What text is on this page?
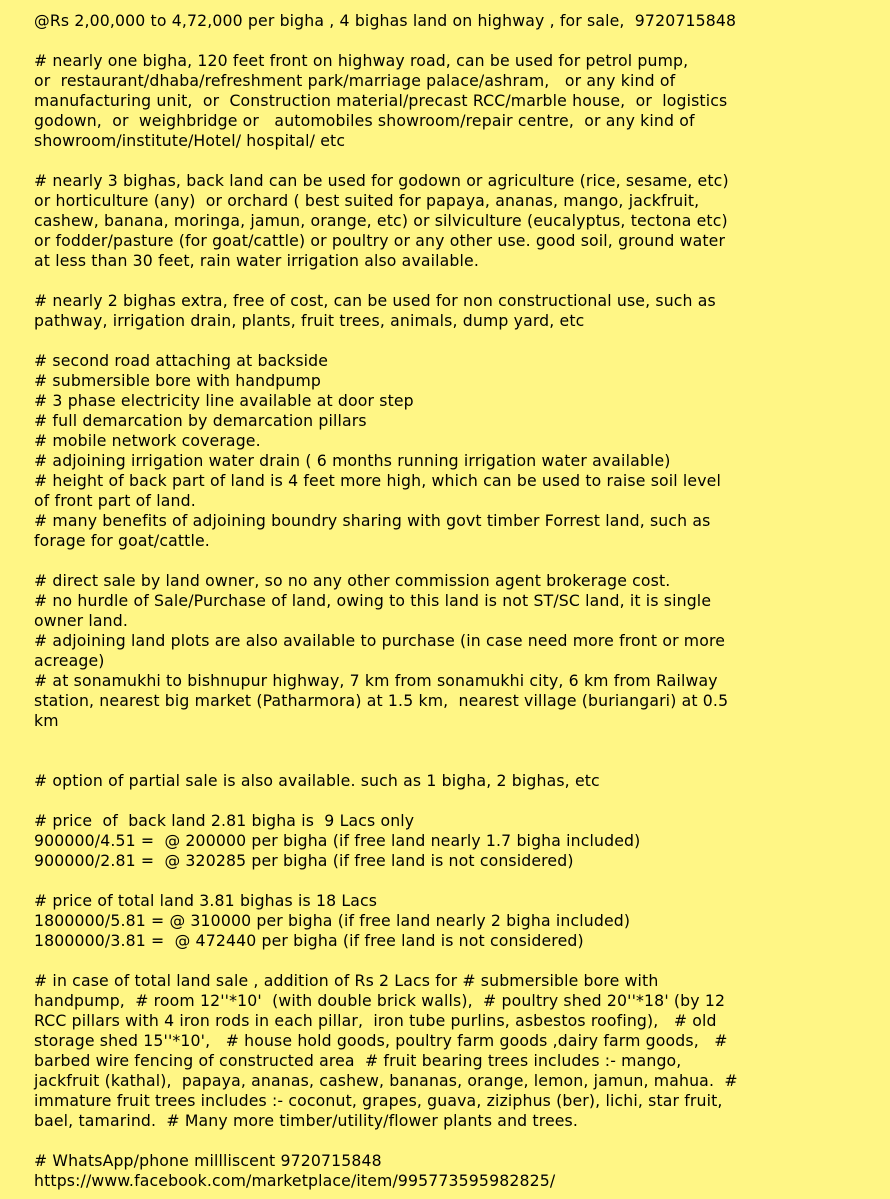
@Rs 2,00,000 to 4,72,000 per bigha , 4 bighas land on highway , for sale,  9720715848
# nearly one bigha, 120 feet front on highway road, can be used for petrol pump,
or  restaurant/dhaba/refreshment park/marriage palace/ashram,   or any kind of
manufacturing unit,  or  Construction material/precast RCC/marble house,  or  logistics
godown,  or  weighbridge or   automobiles showroom/repair centre,  or any kind of
showroom/institute/Hotel/ hospital/ etc
# nearly 3 bighas, back land can be used for godown or agriculture (rice, sesame, etc)
or horticulture (any)  or orchard ( best suited for papaya, ananas, mango, jackfruit,
cashew, banana, moringa, jamun, orange, etc) or silviculture (eucalyptus, tectona etc)
or fodder/pasture (for goat/cattle) or poultry or any other use. good soil, ground water
at less than 30 feet, rain water irrigation also available.
# nearly 2 bighas extra, free of cost, can be used for non constructional use, such as
pathway, irrigation drain, plants, fruit trees, animals, dump yard, etc
# second road attaching at backside
# submersible bore with handpump
# 3 phase electricity line available at door step
# full demarcation by demarcation pillars
# mobile network coverage.
# adjoining irrigation water drain ( 6 months running irrigation water available)
# height of back part of land is 4 feet more high, which can be used to raise soil level
of front part of land.
# many benefits of adjoining boundry sharing with govt timber Forrest land, such as
forage for goat/cattle.
# direct sale by land owner, so no any other commission agent brokerage cost.
# no hurdle of Sale/Purchase of land, owing to this land is not ST/SC land, it is single
owner land.
# adjoining land plots are also available to purchase (in case need more front or more
acreage)
# at sonamukhi to bishnupur highway, 7 km from sonamukhi city, 6 km from Railway
station, nearest big market (Patharmora) at 1.5 km,  nearest village (buriangari) at 0.5
km
# option of partial sale is also available. such as 1 bigha, 2 bighas, etc
# price  of  back land 2.81 bigha is  9 Lacs only
900000/4.51 =  @ 200000 per bigha (if free land nearly 1.7 bigha included)
900000/2.81 =  @ 320285 per bigha (if free land is not considered)
# price of total land 3.81 bighas is 18 Lacs
1800000/5.81 = @ 310000 per bigha (if free land nearly 2 bigha included)
1800000/3.81 =  @ 472440 per bigha (if free land is not considered)
# in case of total land sale , addition of Rs 2 Lacs for # submersible bore with
handpump,  # room 12''*10'  (with double brick walls),  # poultry shed 20''*18' (by 12
RCC pillars with 4 iron rods in each pillar,  iron tube purlins, asbestos roofing),   # old
storage shed 15''*10',   # house hold goods, poultry farm goods ,dairy farm goods,   #
barbed wire fencing of constructed area  # fruit bearing trees includes :- mango,
jackfruit (kathal),  papaya, ananas, cashew, bananas, orange, lemon, jamun, mahua.  #
immature fruit trees includes :- coconut, grapes, guava, ziziphus (ber), lichi, star fruit,
bael, tamarind.  # Many more timber/utility/flower plants and trees.
# WhatsApp/phone millliscent 9720715848
https://www.facebook.com/marketplace/item/995773595982825/
